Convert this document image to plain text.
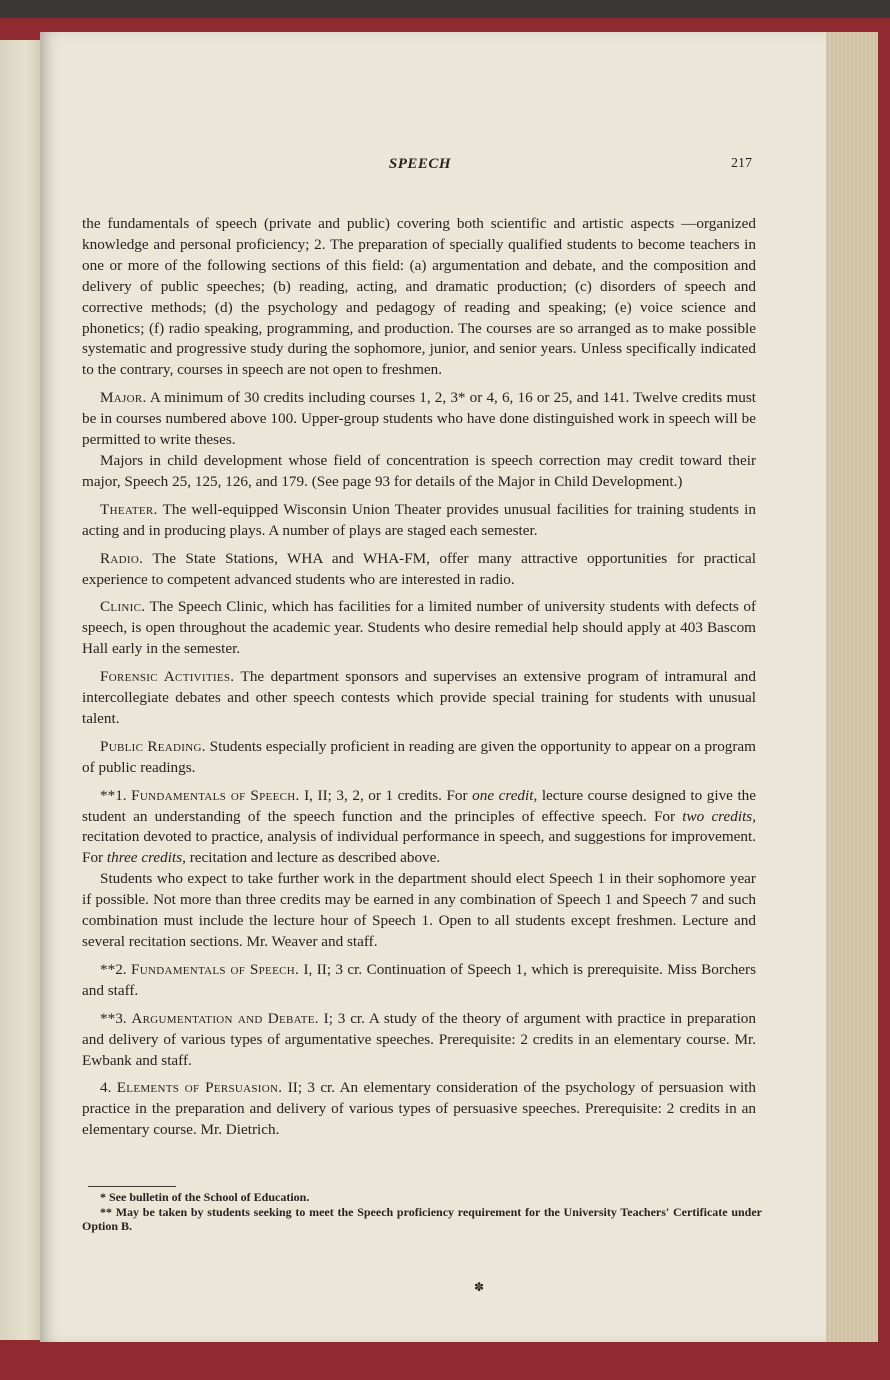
SPEECH	217

the fundamentals of speech (private and public) covering both scientific and artistic aspects —organized knowledge and personal proficiency; 2. The preparation of specially qualified students to become teachers in one or more of the following sections of this field: (a) argumentation and debate, and the composition and delivery of public speeches; (b) reading, acting, and dramatic production; (c) disorders of speech and corrective methods; (d) the psychology and pedagogy of reading and speaking; (e) voice science and phonetics; (f) radio speaking, programming, and production. The courses are so arranged as to make possible systematic and progressive study during the sophomore, junior, and senior years. Unless specifically indicated to the contrary, courses in speech are not open to freshmen.

Major. A minimum of 30 credits including courses 1, 2, 3* or 4, 6, 16 or 25, and 141. Twelve credits must be in courses numbered above 100. Upper-group students who have done distinguished work in speech will be permitted to write theses.

Majors in child development whose field of concentration is speech correction may credit toward their major, Speech 25, 125, 126, and 179. (See page 93 for details of the Major in Child Development.)

Theater. The well-equipped Wisconsin Union Theater provides unusual facilities for training students in acting and in producing plays. A number of plays are staged each semester.

Radio. The State Stations, WHA and WHA-FM, offer many attractive opportunities for practical experience to competent advanced students who are interested in radio.

Clinic. The Speech Clinic, which has facilities for a limited number of university students with defects of speech, is open throughout the academic year. Students who desire remedial help should apply at 403 Bascom Hall early in the semester.

Forensic Activities. The department sponsors and supervises an extensive program of intramural and intercollegiate debates and other speech contests which provide special training for students with unusual talent.

Public Reading. Students especially proficient in reading are given the opportunity to appear on a program of public readings.

**1. Fundamentals of Speech. I, II; 3, 2, or 1 credits. For one credit, lecture course designed to give the student an understanding of the speech function and the principles of effective speech. For two credits, recitation devoted to practice, analysis of individual performance in speech, and suggestions for improvement. For three credits, recitation and lecture as described above.

Students who expect to take further work in the department should elect Speech 1 in their sophomore year if possible. Not more than three credits may be earned in any combination of Speech 1 and Speech 7 and such combination must include the lecture hour of Speech 1. Open to all students except freshmen. Lecture and several recitation sections. Mr. Weaver and staff.

**2. Fundamentals of Speech. I, II; 3 cr. Continuation of Speech 1, which is prerequisite. Miss Borchers and staff.

**3. Argumentation and Debate. I; 3 cr. A study of the theory of argument with practice in preparation and delivery of various types of argumentative speeches. Prerequisite: 2 credits in an elementary course. Mr. Ewbank and staff.

4. Elements of Persuasion. II; 3 cr. An elementary consideration of the psychology of persuasion with practice in the preparation and delivery of various types of persuasive speeches. Prerequisite: 2 credits in an elementary course. Mr. Dietrich.

* See bulletin of the School of Education.

** May be taken by students seeking to meet the Speech proficiency requirement for the University Teachers' Certificate under Option B.

✽
